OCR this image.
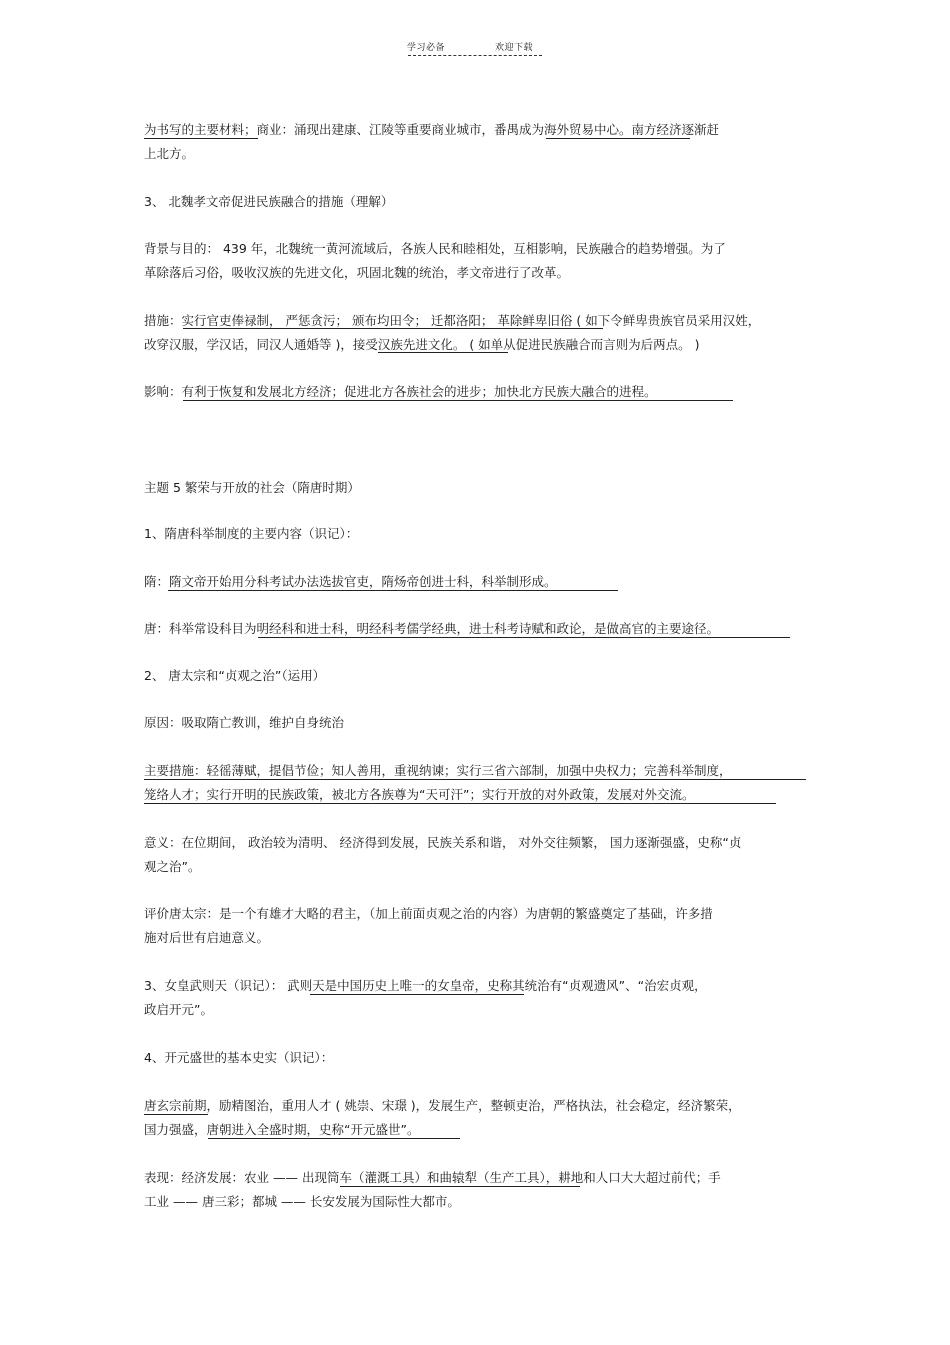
学习必备	欢迎下载
为书写的主要材料；商业：涌现出建康、江陵等重要商业城市，番禺成为海外贸易中心。南方经济逐渐赶
上北方。
3、 北魏孝文帝促进民族融合的措施（理解）
背景与目的： 439 年，北魏统一黄河流域后，各族人民和睦相处，互相影响，民族融合的趋势增强。为了
革除落后习俗，吸收汉族的先进文化，巩固北魏的统治，孝文帝进行了改革。
措施：实行官吏俸禄制， 严惩贪污； 颁布均田令； 迁都洛阳； 革除鲜卑旧俗 ( 如下令鲜卑贵族官员采用汉姓，
改穿汉服，学汉话，同汉人通婚等 )，接受汉族先进文化。 ( 如单从促进民族融合而言则为后两点。 )
影响：有利于恢复和发展北方经济；促进北方各族社会的进步；加快北方民族大融合的进程。
主题 5 繁荣与开放的社会（隋唐时期）
1、隋唐科举制度的主要内容（识记）：
隋：隋文帝开始用分科考试办法选拔官吏，隋炀帝创进士科，科举制形成。
唐：科举常设科目为明经科和进士科，明经科考儒学经典，进士科考诗赋和政论，是做高官的主要途径。
2、 唐太宗和“贞观之治”（运用）
原因：吸取隋亡教训，维护自身统治
主要措施：轻徭薄赋，提倡节俭；知人善用，重视纳谏；实行三省六部制，加强中央权力；完善科举制度，
笼络人才；实行开明的民族政策，被北方各族尊为“天可汗”；实行开放的对外政策，发展对外交流。
意义：在位期间， 政治较为清明、 经济得到发展，民族关系和谐， 对外交往频繁， 国力逐渐强盛，史称“贞
观之治”。
评价唐太宗：是一个有雄才大略的君主，（加上前面贞观之治的内容）为唐朝的繁盛奠定了基础，许多措
施对后世有启迪意义。
3、女皇武则天（识记）： 武则天是中国历史上唯一的女皇帝，史称其统治有“贞观遗风”、“治宏贞观，
政启开元”。
4、开元盛世的基本史实（识记）：
唐玄宗前期，励精图治，重用人才 ( 姚崇、宋璟 )，发展生产，整顿吏治，严格执法，社会稳定，经济繁荣，
国力强盛，唐朝进入全盛时期，史称“开元盛世”。
表现：经济发展：农业 —— 出现筒车（灌溉工具）和曲辕犁（生产工具），耕地和人口大大超过前代；手
工业 —— 唐三彩；都城 —— 长安发展为国际性大都市。
